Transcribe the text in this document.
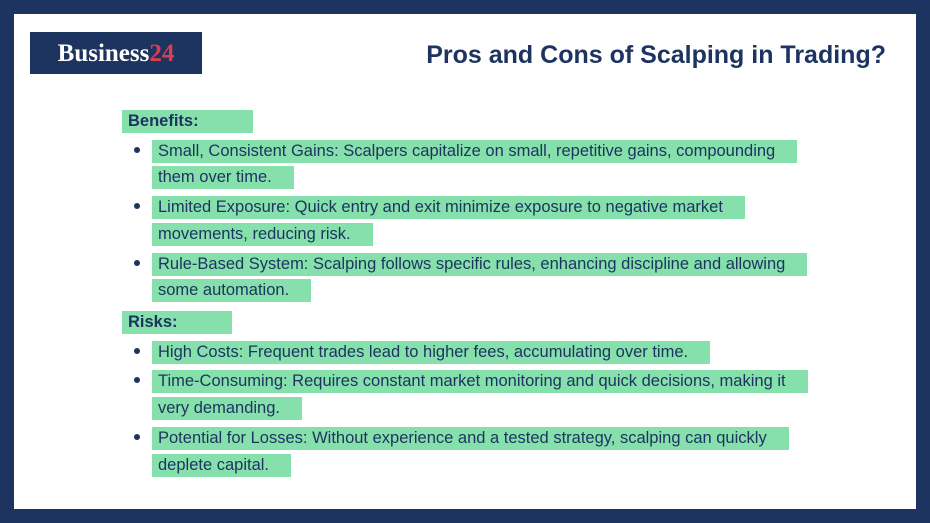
Business24	Pros and Cons of Scalping in Trading?
Benefits:
Small, Consistent Gains: Scalpers capitalize on small, repetitive gains, compounding them over time.
Limited Exposure: Quick entry and exit minimize exposure to negative market movements, reducing risk.
Rule-Based System: Scalping follows specific rules, enhancing discipline and allowing some automation.
Risks:
High Costs: Frequent trades lead to higher fees, accumulating over time.
Time-Consuming: Requires constant market monitoring and quick decisions, making it very demanding.
Potential for Losses: Without experience and a tested strategy, scalping can quickly deplete capital.
